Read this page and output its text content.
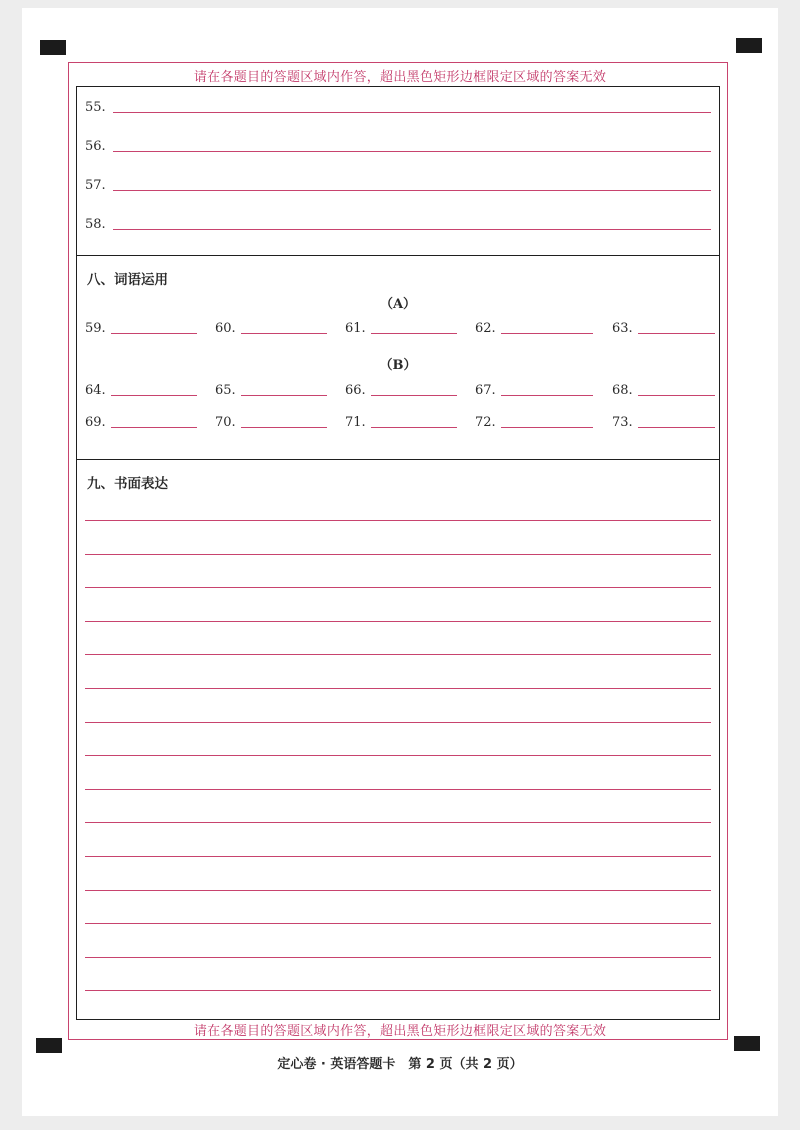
请在各题目的答题区域内作答，超出黑色矩形边框限定区域的答案无效
55.
56.
57.
58.
八、词语运用
（A）
59.	60.	61.	62.	63.
（B）
64.	65.	66.	67.	68.
69.	70.	71.	72.	73.
九、书面表达
请在各题目的答题区域内作答，超出黑色矩形边框限定区域的答案无效
定心卷 · 英语答题卡　第 2 页（共 2 页）
